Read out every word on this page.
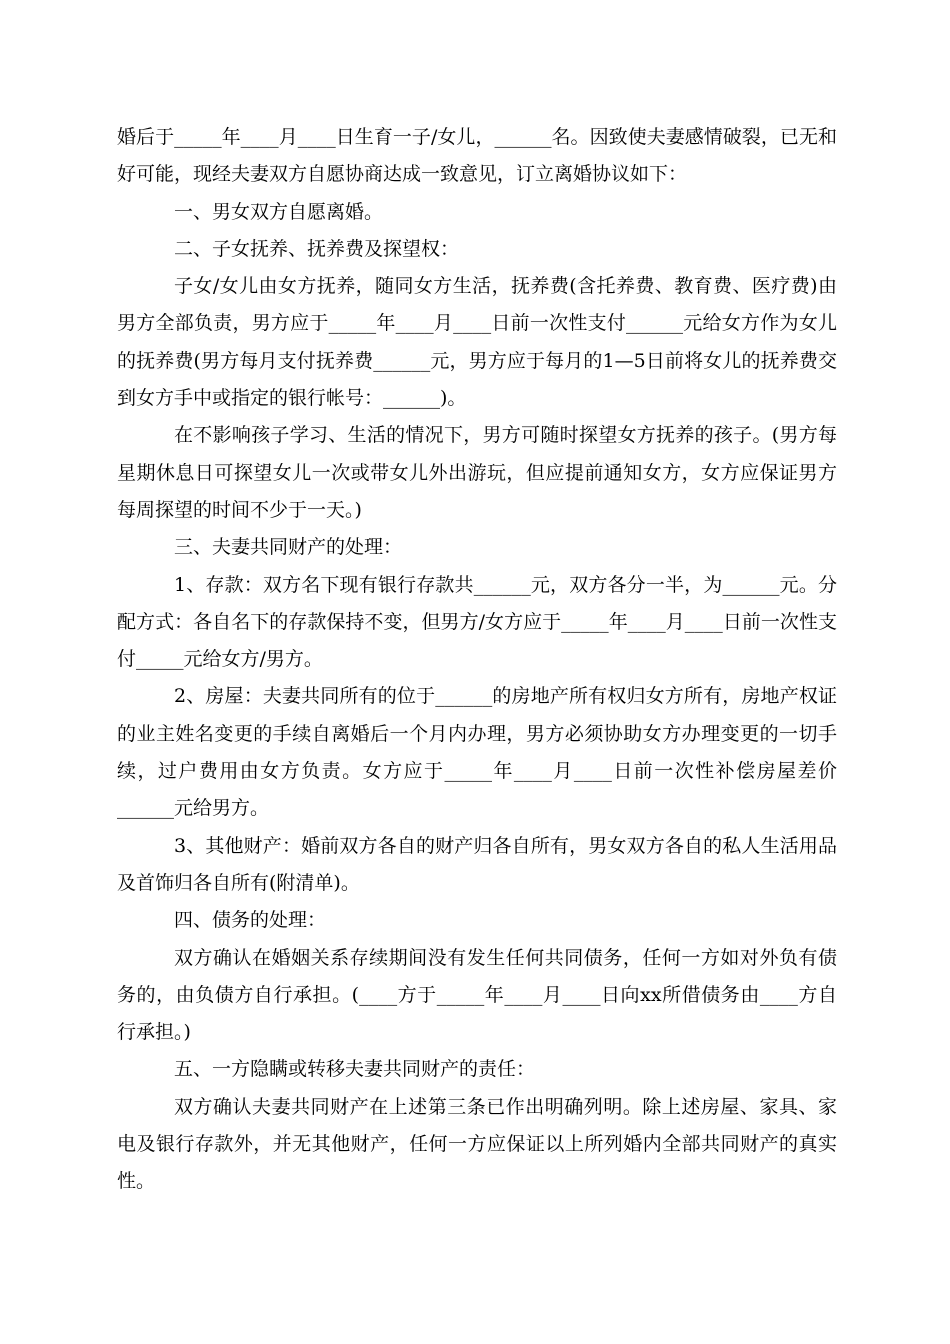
婚后于_____年____月____日生育一子/女儿，______名。因致使夫妻感情破裂，已无和好可能，现经夫妻双方自愿协商达成一致意见，订立离婚协议如下：

一、男女双方自愿离婚。

二、子女抚养、抚养费及探望权：

子女/女儿由女方抚养，随同女方生活，抚养费(含托养费、教育费、医疗费)由男方全部负责，男方应于_____年____月____日前一次性支付______元给女方作为女儿的抚养费(男方每月支付抚养费______元，男方应于每月的1—5日前将女儿的抚养费交到女方手中或指定的银行帐号：______)。

在不影响孩子学习、生活的情况下，男方可随时探望女方抚养的孩子。(男方每星期休息日可探望女儿一次或带女儿外出游玩，但应提前通知女方，女方应保证男方每周探望的时间不少于一天。)

三、夫妻共同财产的处理：

1、存款：双方名下现有银行存款共______元，双方各分一半，为______元。分配方式：各自名下的存款保持不变，但男方/女方应于_____年____月____日前一次性支付_____元给女方/男方。

2、房屋：夫妻共同所有的位于______的房地产所有权归女方所有，房地产权证的业主姓名变更的手续自离婚后一个月内办理，男方必须协助女方办理变更的一切手续，过户费用由女方负责。女方应于_____年____月____日前一次性补偿房屋差价______元给男方。

3、其他财产：婚前双方各自的财产归各自所有，男女双方各自的私人生活用品及首饰归各自所有(附清单)。

四、债务的处理：

双方确认在婚姻关系存续期间没有发生任何共同债务，任何一方如对外负有债务的，由负债方自行承担。(____方于_____年____月____日向xx所借债务由____方自行承担。)

五、一方隐瞒或转移夫妻共同财产的责任：

双方确认夫妻共同财产在上述第三条已作出明确列明。除上述房屋、家具、家电及银行存款外，并无其他财产，任何一方应保证以上所列婚内全部共同财产的真实性。
